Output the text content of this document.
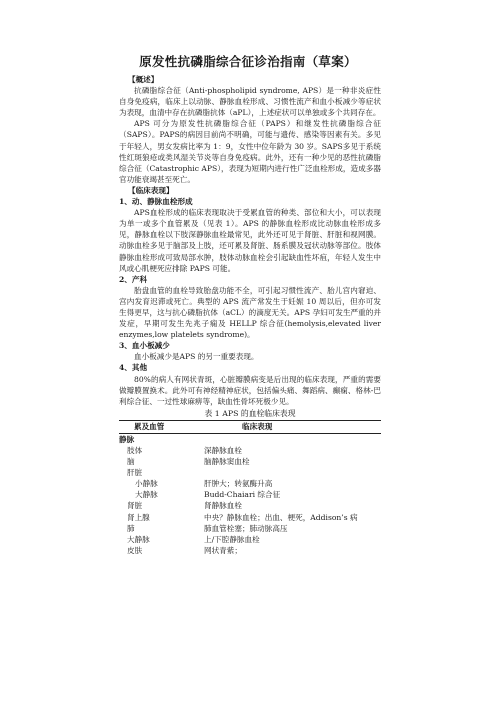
原发性抗磷脂综合征诊治指南（草案）
【概述】

抗磷脂综合征（Anti-phospholipid syndrome, APS）是一种非炎症性自身免疫病，临床上以动脉、静脉血栓形成、习惯性流产和血小板减少等症状为表现，血清中存在抗磷脂抗体（aPL），上述症状可以单独或多个共同存在。

APS 可分为原发性抗磷脂综合征（PAPS）和继发性抗磷脂综合征（SAPS）。PAPS的病因目前尚不明确，可能与遗传、感染等因素有关。多见于年轻人，男女发病比率为 1：9，女性中位年龄为 30 岁。SAPS多见于系统性红斑狼疮或类风湿关节炎等自身免疫病。此外，还有一种少见的恶性抗磷脂综合征（Catastrophic APS），表现为短期内进行性广泛血栓形成，造成多器官功能衰竭甚至死亡。

【临床表现】
1、动、静脉血栓形成

APS血栓形成的临床表现取决于受累血管的种类、部位和大小，可以表现为单一或多个血管累及（见表 1）。APS 的静脉血栓形成比动脉血栓形成多见，静脉血栓以下肢深静脉血栓最常见，此外还可见于肾脏、肝脏和视网膜。动脉血栓多见于脑部及上肢，还可累及肾脏、肠系膜及冠状动脉等部位。肢体静脉血栓形成可致局部水肿，肢体动脉血栓会引起缺血性坏疽，年轻人发生中风或心肌梗死应排除 PAPS 可能。

2、产科

胎盘血管的血栓导致胎盘功能不全，可引起习惯性流产、胎儿宫内窘迫、宫内发育迟滞或死亡。典型的 APS 流产常发生于妊娠 10 周以后，但亦可发生得更早，这与抗心磷脂抗体（aCL）的滴度无关。APS 孕妇可发生严重的并发症，早期可发生先兆子痫及 HELLP 综合征(hemolysis,elevated liver enzymes,low platelets syndrome)。

3、血小板减少

血小板减少是APS 的另一重要表现。

4、其他

80%的病人有网状青斑，心脏瓣膜病变是后出现的临床表现，严重的需要做瓣膜置换术。此外可有神经精神症状，包括偏头痛、舞蹈病、癫痫、格林-巴利综合征、一过性球麻痹等，缺血性骨坏死极少见。

表 1 APS 的血栓临床表现
累及血管	临床表现
静脉	
肢体	深静脉血栓
脑	脑静脉窦血栓
肝脏	
小静脉	肝肿大；转氨酶升高
大静脉	Budd-Chaiari 综合征
肾脏	肾静脉血栓
肾上腺	中央？静脉血栓；出血、梗死，Addison’s 病
肺	肺血管栓塞；肺动脉高压
大静脉	上/下腔静脉血栓
皮肤	网状青紫；
